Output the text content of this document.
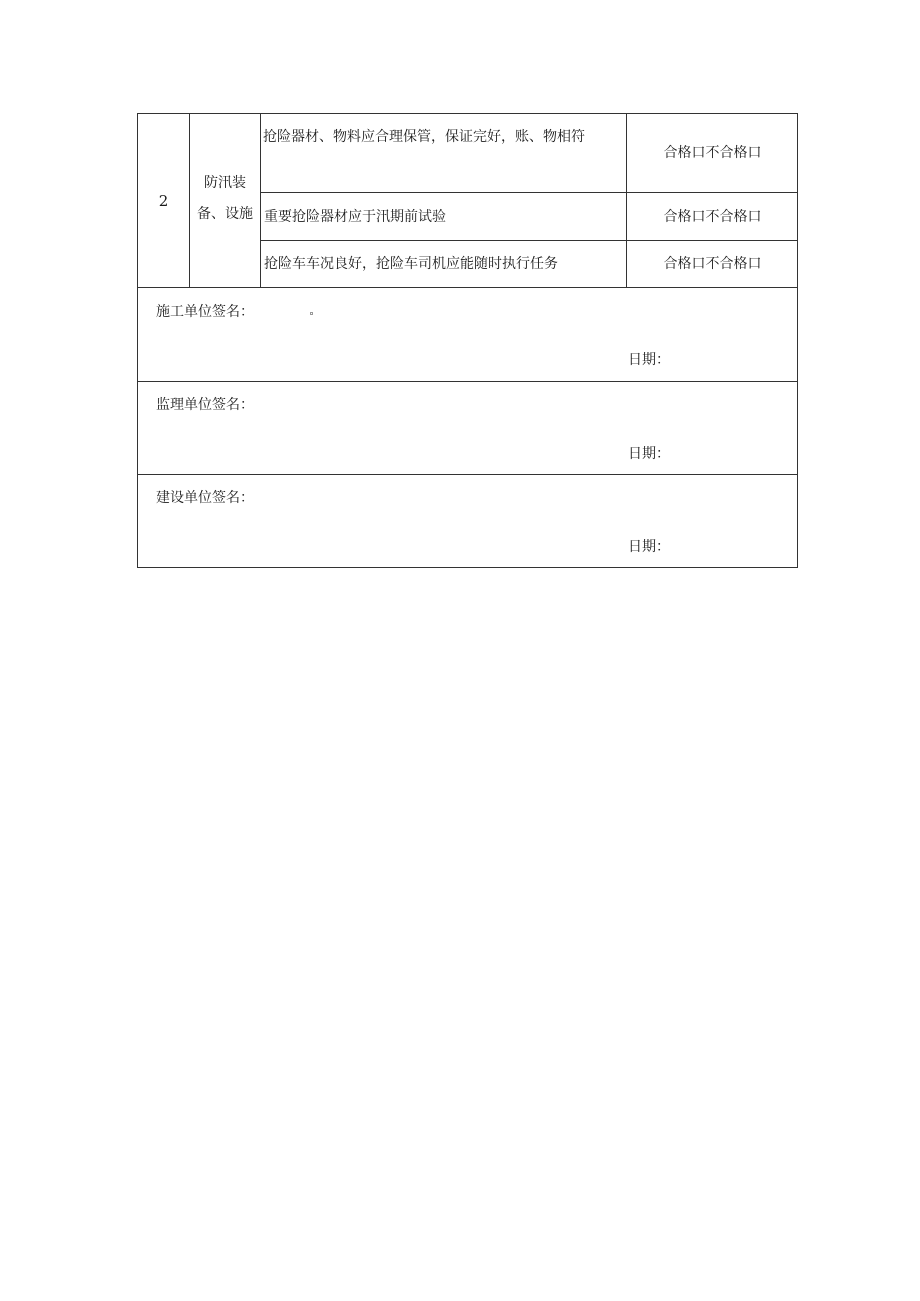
2
防汛装备、设施
抢险器材、物料应合理保管，保证完好，账、物相符
合格口不合格口
重要抢险器材应于汛期前试验	合格口不合格口
抢险车车况良好，抢险车司机应能随时执行任务	合格口不合格口
施工单位签名：
日期：
监理单位签名：
日期：
建设单位签名：
日期：
